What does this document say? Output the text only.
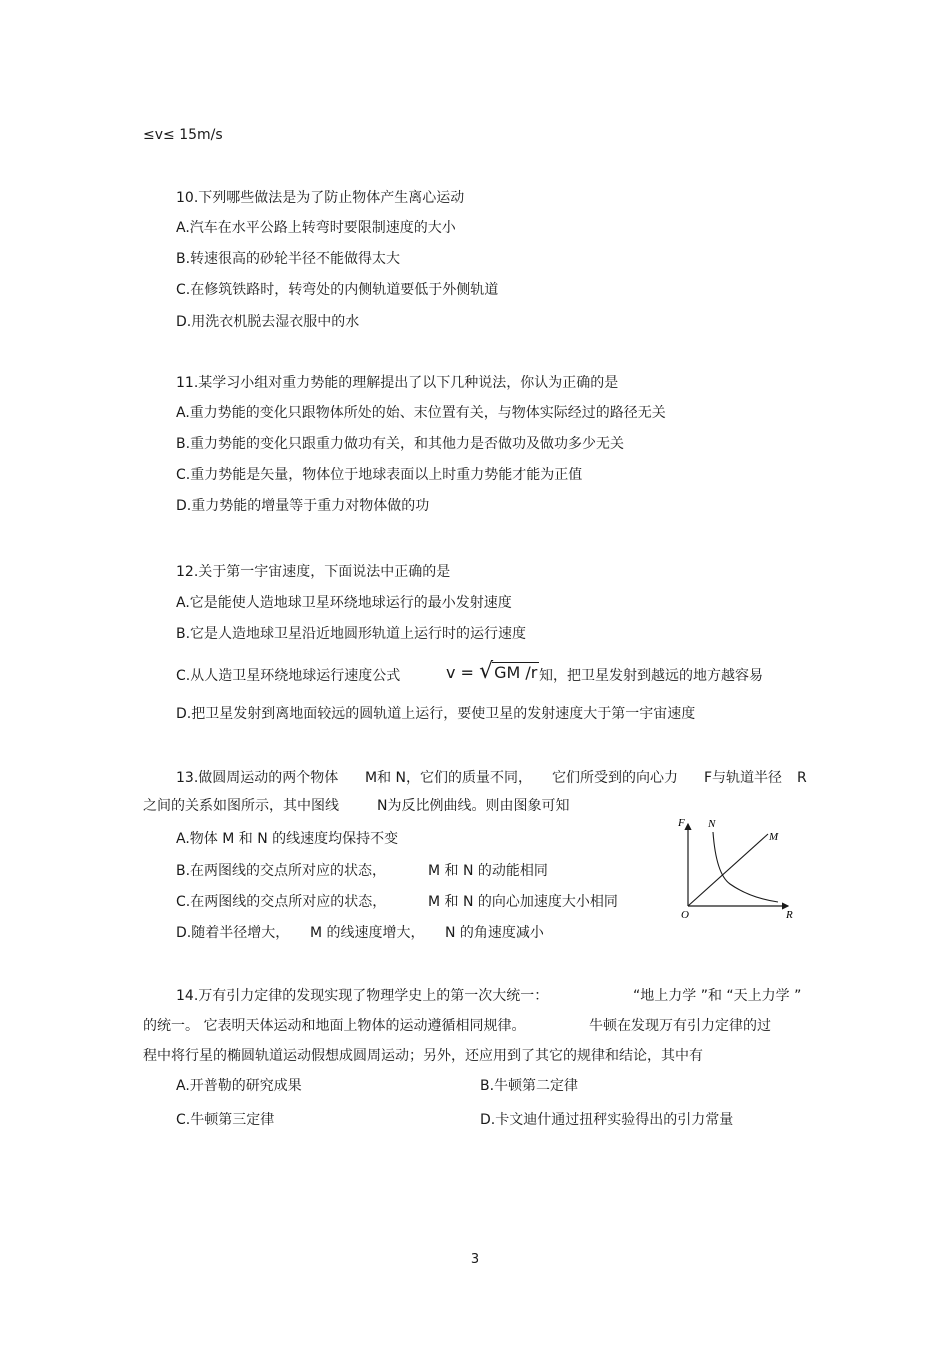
≤v≤ 15m/s
10.下列哪些做法是为了防止物体产生离心运动
A.汽车在水平公路上转弯时要限制速度的大小
B.转速很高的砂轮半径不能做得太大
C.在修筑铁路时，转弯处的内侧轨道要低于外侧轨道
D.用洗衣机脱去湿衣服中的水
11.某学习小组对重力势能的理解提出了以下几种说法，你认为正确的是
A.重力势能的变化只跟物体所处的始、末位置有关，与物体实际经过的路径无关
B.重力势能的变化只跟重力做功有关，和其他力是否做功及做功多少无关
C.重力势能是矢量，物体位于地球表面以上时重力势能才能为正值
D.重力势能的增量等于重力对物体做的功
12.关于第一宇宙速度，下面说法中正确的是
A.它是能使人造地球卫星环绕地球运行的最小发射速度
B.它是人造地球卫星沿近地圆形轨道上运行时的运行速度
C.从人造卫星环绕地球运行速度公式	v = √GM /r 知，把卫星发射到越远的地方越容易
D.把卫星发射到离地面较远的圆轨道上运行，要使卫星的发射速度大于第一宇宙速度
13.做圆周运动的两个物体 M和 N，它们的质量不同， 它们所受到的向心力 F与轨道半径 R
之间的关系如图所示，其中图线	N为反比例曲线。则由图象可知
A.物体 M 和 N 的线速度均保持不变
B.在两图线的交点所对应的状态，	M 和 N 的动能相同
C.在两图线的交点所对应的状态，	M 和 N 的向心加速度大小相同
D.随着半径增大， M 的线速度增大， N 的角速度减小
F N
M
O	R
14.万有引力定律的发现实现了物理学史上的第一次大统一：	“地上力学 ”和 “天上力学 ”
的统一。 它表明天体运动和地面上物体的运动遵循相同规律。	牛顿在发现万有引力定律的过
程中将行星的椭圆轨道运动假想成圆周运动；另外，还应用到了其它的规律和结论，其中有
A.开普勒的研究成果	B.牛顿第二定律
C.牛顿第三定律	D.卡文迪什通过扭秤实验得出的引力常量
3
